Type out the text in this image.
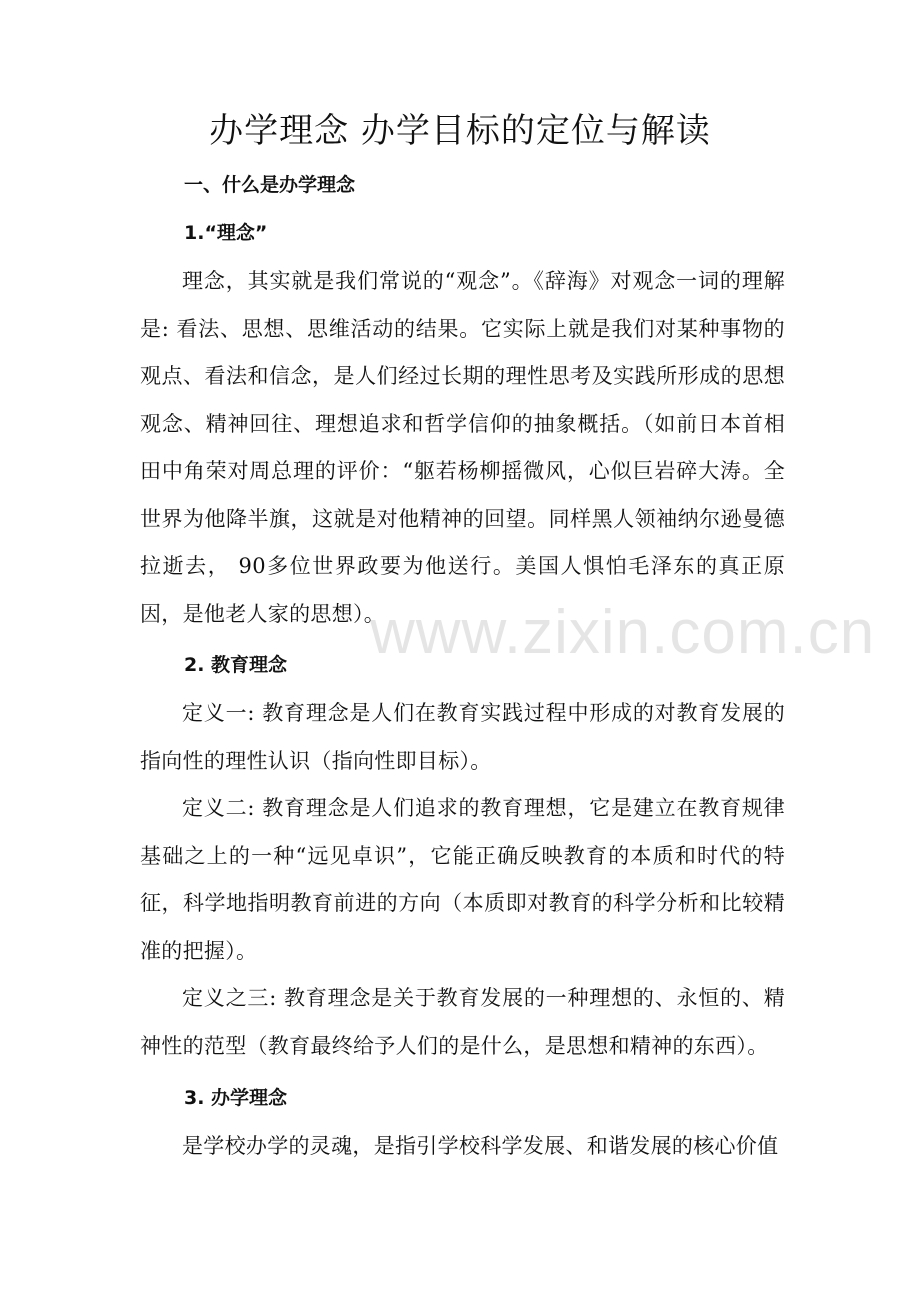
办学理念 办学目标的定位与解读
一、什么是办学理念
1.“理念”

理念，其实就是我们常说的“观念”。《辞海》对观念一词的理解是: 看法、思想、思维活动的结果。它实际上就是我们对某种事物的观点、看法和信念，是人们经过长期的理性思考及实践所形成的思想观念、精神回往、理想追求和哲学信仰的抽象概括。（如前日本首相田中角荣对周总理的评价：“躯若杨柳摇微风，心似巨岩碎大涛。全世界为他降半旗，这就是对他精神的回望。同样黑人领袖纳尔逊曼德拉逝去， 90多位世界政要为他送行。美国人惧怕毛泽东的真正原因，是他老人家的思想）。

2. 教育理念

定义一: 教育理念是人们在教育实践过程中形成的对教育发展的指向性的理性认识（指向性即目标）。

定义二: 教育理念是人们追求的教育理想，它是建立在教育规律基础之上的一种“远见卓识”，它能正确反映教育的本质和时代的特征，科学地指明教育前进的方向（本质即对教育的科学分析和比较精准的把握）。

定义之三: 教育理念是关于教育发展的一种理想的、永恒的、精神性的范型（教育最终给予人们的是什么，是思想和精神的东西）。

3. 办学理念

是学校办学的灵魂，是指引学校科学发展、和谐发展的核心价值

www.zixin.com.cn
